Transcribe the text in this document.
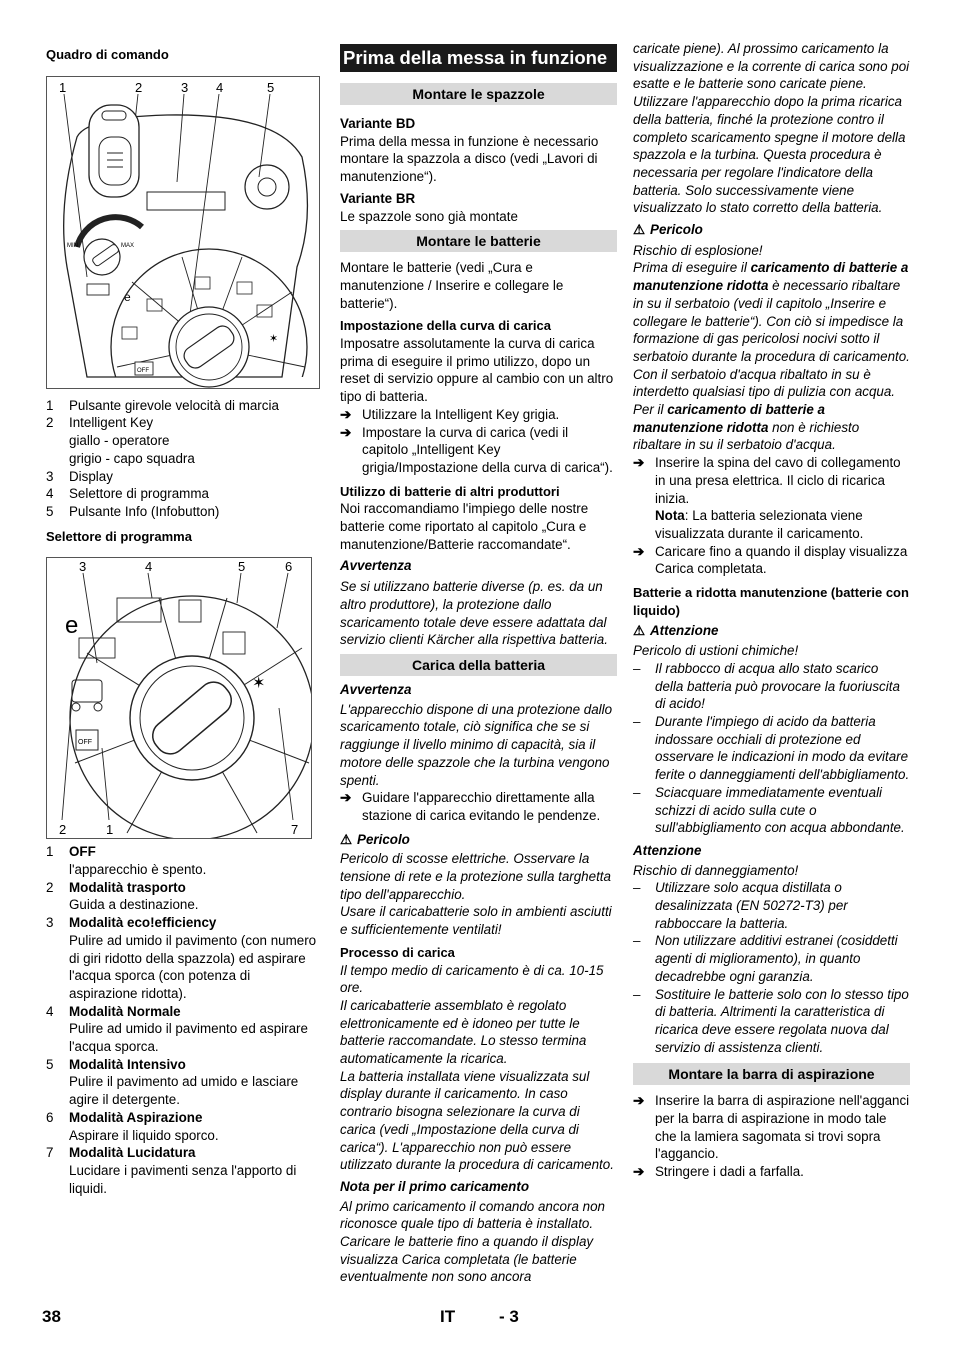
Quadro di comando

1	2	3 4	5
MIN	MAX
e
OFF
✶
1	Pulsante girevole velocità di marcia
2	Intelligent Key
giallo - operatore
grigio - capo squadra
3	Display
4	Selettore di programma
5	Pulsante Info (Infobutton)

Selettore di programma

3	4	5	6
2	1	7
e
✶
OFF
1	OFF
l'apparecchio è spento.
2	Modalità trasporto
Guida a destinazione.
3	Modalità eco!efficiency
Pulire ad umido il pavimento (con numero di giri ridotto della spazzola) ed aspirare l'acqua sporca (con potenza di aspirazione ridotta).
4	Modalità Normale
Pulire ad umido il pavimento ed aspirare l'acqua sporca.
5	Modalità Intensivo
Pulire il pavimento ad umido e lasciare agire il detergente.
6	Modalità Aspirazione
Aspirare il liquido sporco.
7	Modalità Lucidatura
Lucidare i pavimenti senza l'apporto di liquidi.
Prima della messa in funzione
Montare le spazzole

Variante BD

Prima della messa in funzione è necessario montare la spazzola a disco (vedi „Lavori di manutenzione“).

Variante BR

Le spazzole sono già montate

Montare le batterie

Montare le batterie (vedi „Cura e manutenzione / Inserire e collegare le batterie“).

Impostazione della curva di carica

Imposatre assolutamente la curva di carica prima di eseguire il primo utilizzo, dopo un reset di servizio oppure al cambio con un altro tipo di batteria.

➔ Utilizzare la Intelligent Key grigia.
➔ Impostare la curva di carica (vedi il capitolo „Intelligent Key grigia/Impostazione della curva di carica“).

Utilizzo di batterie di altri produttori

Noi raccomandiamo l'impiego delle nostre batterie come riportato al capitolo „Cura e manutenzione/Batterie raccomandate“.

Avvertenza

Se si utilizzano batterie diverse (p. es. da un altro produttore), la protezione dallo scaricamento totale deve essere adattata dal servizio clienti Kärcher alla rispettiva batteria.

Carica della batteria

Avvertenza

L'apparecchio dispone di una protezione dallo scaricamento totale, ciò significa che se si raggiunge il livello minimo di capacità, sia il motore delle spazzole che la turbina vengono spenti.

➔ Guidare l'apparecchio direttamente alla stazione di carica evitando le pendenze.

⚠ Pericolo

Pericolo di scosse elettriche. Osservare la tensione di rete e la protezione sulla targhetta tipo dell'apparecchio.

Usare il caricabatterie solo in ambienti asciutti e sufficientemente ventilati!

Processo di carica

Il tempo medio di caricamento è di ca. 10-15 ore.

Il caricabatterie assemblato è regolato elettronicamente ed è idoneo per tutte le batterie raccomandate. Lo stesso termina automaticamente la ricarica.

La batteria installata viene visualizzata sul display durante il caricamento. In caso contrario bisogna selezionare la curva di carica (vedi „Impostazione della curva di carica“). L'apparecchio non può essere utilizzato durante la procedura di caricamento.

Nota per il primo caricamento

Al primo caricamento il comando ancora non riconosce quale tipo di batteria è installato. Caricare le batterie fino a quando il display visualizza Carica completata (le batterie eventualmente non sono ancora

caricate piene). Al prossimo caricamento la visualizzazione e la corrente di carica sono poi esatte e le batterie sono caricate piene. Utilizzare l'apparecchio dopo la prima ricarica della batteria, finché la protezione contro il completo scaricamento spegne il motore della spazzola e la turbina. Questa procedura è necessaria per regolare l'indicatore della batteria. Solo successivamente viene visualizzato lo stato corretto della batteria.

⚠ Pericolo

Rischio di esplosione!

Prima di eseguire il caricamento di batterie a manutenzione ridotta è necessario ribaltare in su il serbatoio (vedi il capitolo „Inserire e collegare le batterie“). Con ciò si impedisce la formazione di gas pericolosi nocivi sotto il serbatoio durante la procedura di caricamento.

Con il serbatoio d'acqua ribaltato in su è interdetto qualsiasi tipo di pulizia con acqua. Per il caricamento di batterie a manutenzione ridotta non è richiesto ribaltare in su il serbatoio d'acqua.

➔ Inserire la spina del cavo di collegamento in una presa elettrica. Il ciclo di ricarica inizia.
Nota: La batteria selezionata viene visualizzata durante il caricamento.
➔ Caricare fino a quando il display visualizza Carica completata.

Batterie a ridotta manutenzione (batterie con liquido)

⚠ Attenzione

Pericolo di ustioni chimiche!

–	Il rabbocco di acqua allo stato scarico della batteria può provocare la fuoriuscita di acido!
–	Durante l'impiego di acido da batteria indossare occhiali di protezione ed osservare le indicazioni in modo da evitare ferite o danneggiamenti dell'abbigliamento.
–	Sciacquare immediatamente eventuali schizzi di acido sulla cute o sull'abbigliamento con acqua abbondante.

Attenzione

Rischio di danneggiamento!

–	Utilizzare solo acqua distillata o desalinizzata (EN 50272-T3) per rabboccare la batteria.
–	Non utilizzare additivi estranei (cosiddetti agenti di miglioramento), in quanto decadrebbe ogni garanzia.
–	Sostituire le batterie solo con lo stesso tipo di batteria. Altrimenti la caratteristica di ricarica deve essere regolata nuova dal servizio di assistenza clienti.
Montare la barra di aspirazione
➔ Inserire la barra di aspirazione nell'agganci per la barra di aspirazione in modo tale che la lamiera sagomata si trovi sopra l'aggancio.
➔ Stringere i dadi a farfalla.
38	IT	- 3
